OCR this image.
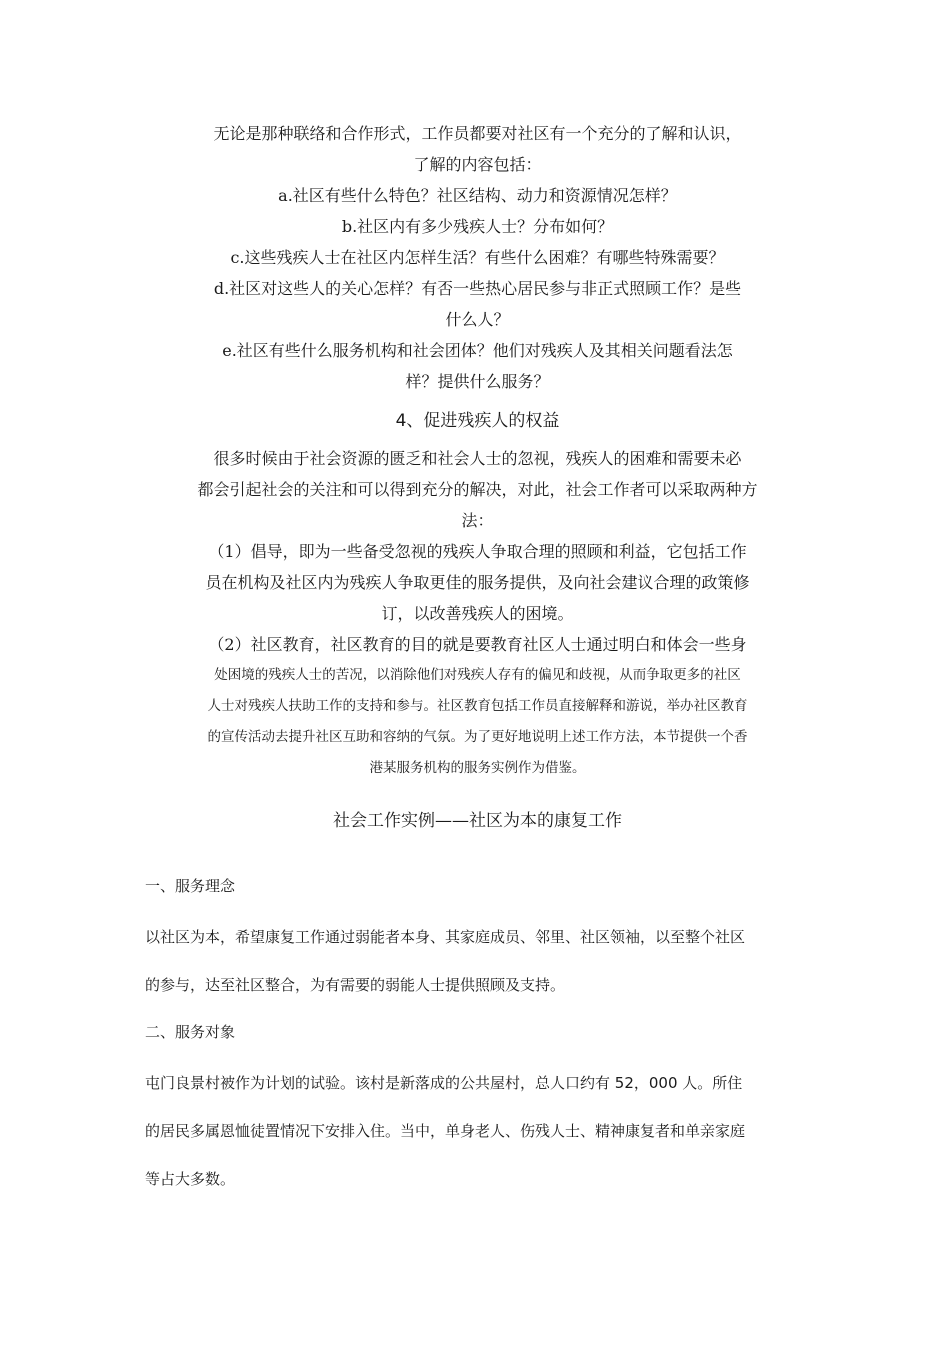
无论是那种联络和合作形式，工作员都要对社区有一个充分的了解和认识，

了解的内容包括：

a.社区有些什么特色？社区结构、动力和资源情况怎样？

b.社区内有多少残疾人士？分布如何？

c.这些残疾人士在社区内怎样生活？有些什么困难？有哪些特殊需要？

d.社区对这些人的关心怎样？有否一些热心居民参与非正式照顾工作？是些

什么人？

e.社区有些什么服务机构和社会团体？他们对残疾人及其相关问题看法怎

样？提供什么服务？

4、促进残疾人的权益

很多时候由于社会资源的匮乏和社会人士的忽视，残疾人的困难和需要未必

都会引起社会的关注和可以得到充分的解决，对此，社会工作者可以采取两种方

法：

（1）倡导，即为一些备受忽视的残疾人争取合理的照顾和利益，它包括工作

员在机构及社区内为残疾人争取更佳的服务提供，及向社会建议合理的政策修

订，以改善残疾人的困境。

（2）社区教育，社区教育的目的就是要教育社区人士通过明白和体会一些身

处困境的残疾人士的苦况，以消除他们对残疾人存有的偏见和歧视，从而争取更多的社区

人士对残疾人扶助工作的支持和参与。社区教育包括工作员直接解释和游说，举办社区教育

的宣传活动去提升社区互助和容纳的气氛。为了更好地说明上述工作方法，本节提供一个香

港某服务机构的服务实例作为借鉴。

社会工作实例——社区为本的康复工作

一、服务理念

以社区为本，希望康复工作通过弱能者本身、其家庭成员、邻里、社区领袖，以至整个社区

的参与，达至社区整合，为有需要的弱能人士提供照顾及支持。

二、服务对象

屯门良景村被作为计划的试验。该村是新落成的公共屋村，总人口约有 52，000 人。所住

的居民多属恩恤徒置情况下安排入住。当中，单身老人、伤残人士、精神康复者和单亲家庭

等占大多数。
